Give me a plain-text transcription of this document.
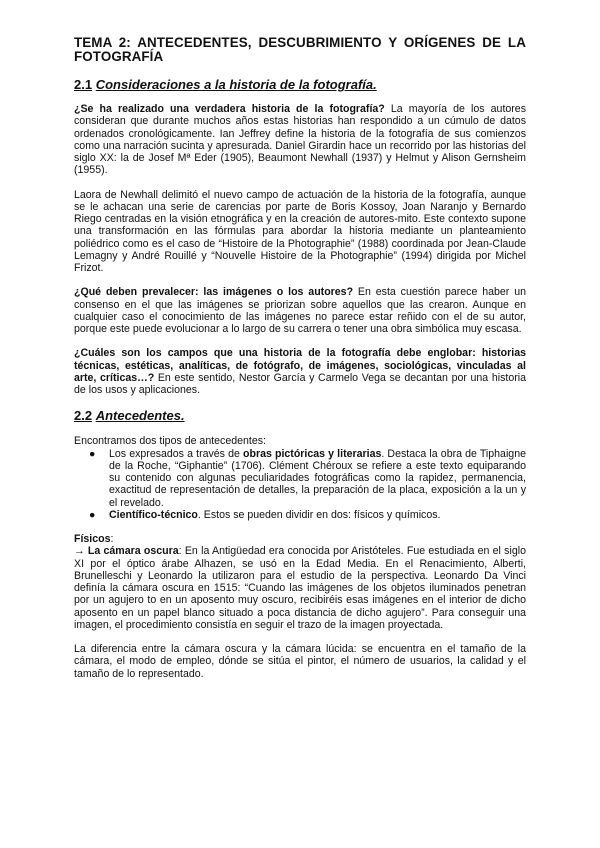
TEMA 2: ANTECEDENTES, DESCUBRIMIENTO Y ORÍGENES DE LA FOTOGRAFÍA
2.1 Consideraciones a la historia de la fotografía.

¿Se ha realizado una verdadera historia de la fotografía? La mayoría de los autores consideran que durante muchos años estas historias han respondido a un cúmulo de datos ordenados cronológicamente. Ian Jeffrey define la historia de la fotografía de sus comienzos como una narración sucinta y apresurada. Daniel Girardin hace un recorrido por las historias del siglo XX: la de Josef Mª Eder (1905), Beaumont Newhall (1937) y Helmut y Alison Gernsheim (1955).

Laora de Newhall delimitó el nuevo campo de actuación de la historia de la fotografía, aunque se le achacan una serie de carencias por parte de Boris Kossoy, Joan Naranjo y Bernardo Riego centradas en la visión etnográfica y en la creación de autores-mito. Este contexto supone una transformación en las fórmulas para abordar la historia mediante un planteamiento poliédrico como es el caso de “Histoire de la Photographie” (1988) coordinada por Jean-Claude Lemagny y André Rouillé y “Nouvelle Histoire de la Photographie” (1994) dirigida por Michel Frizot.

¿Qué deben prevalecer: las imágenes o los autores? En esta cuestión parece haber un consenso en el que las imágenes se priorizan sobre aquellos que las crearon. Aunque en cualquier caso el conocimiento de las imágenes no parece estar reñido con el de su autor, porque este puede evolucionar a lo largo de su carrera o tener una obra simbólica muy escasa.

¿Cuáles son los campos que una historia de la fotografía debe englobar: historias técnicas, estéticas, analíticas, de fotógrafo, de imágenes, sociológicas, vinculadas al arte, críticas…? En este sentido, Nestor García y Carmelo Vega se decantan por una historia de los usos y aplicaciones.

2.2 Antecedentes.

Encontramos dos tipos de antecedentes:

● Los expresados a través de obras pictóricas y literarias. Destaca la obra de Tiphaigne de la Roche, “Giphantie” (1706). Clément Chéroux se refiere a este texto equiparando su contenido con algunas peculiaridades fotográficas como la rapidez, permanencia, exactitud de representación de detalles, la preparación de la placa, exposición a la un y el revelado.
● Científico-técnico. Estos se pueden dividir en dos: físicos y químicos.

Físicos:

→ La cámara oscura: En la Antigüedad era conocida por Aristóteles. Fue estudiada en el siglo XI por el óptico árabe Alhazen, se usó en la Edad Media. En el Renacimiento, Alberti, Brunelleschi y Leonardo la utilizaron para el estudio de la perspectiva. Leonardo Da Vinci definía la cámara oscura en 1515: “Cuando las imágenes de los objetos iluminados penetran por un agujero to en un aposento muy oscuro, recibiréis esas imágenes en el interior de dicho aposento en un papel blanco situado a poca distancia de dicho agujero”. Para conseguir una imagen, el procedimiento consistía en seguir el trazo de la imagen proyectada.

La diferencia entre la cámara oscura y la cámara lúcida: se encuentra en el tamaño de la cámara, el modo de empleo, dónde se sitúa el pintor, el número de usuarios, la calidad y el tamaño de lo representado.
